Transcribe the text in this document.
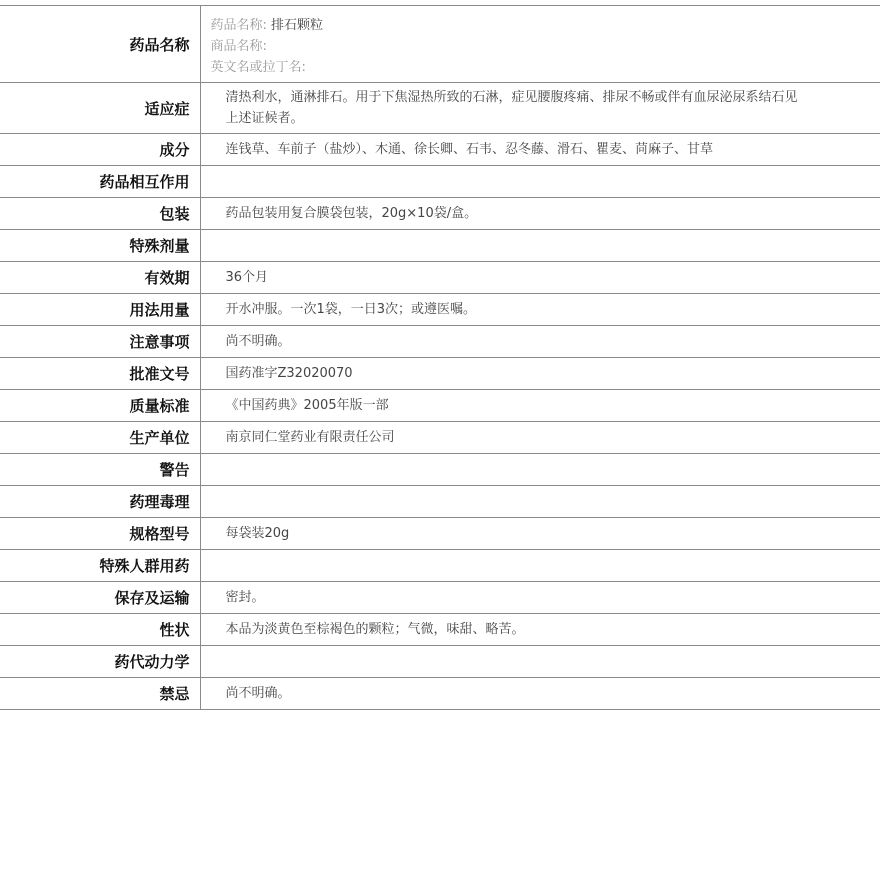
药品名称	药品名称: 排石颗粒
商品名称:
英文名或拉丁名:

适应症	清热利水，通淋排石。用于下焦湿热所致的石淋，症见腰腹疼痛、排尿不畅或伴有血尿泌尿系结石见上述证候者。
成分	连钱草、车前子（盐炒）、木通、徐长卿、石韦、忍冬藤、滑石、瞿麦、苘麻子、甘草
药品相互作用	
包装	药品包装用复合膜袋包装，20g×10袋/盒。
特殊剂量	
有效期	36个月
用法用量	开水冲服。一次1袋，一日3次；或遵医嘱。
注意事项	尚不明确。
批准文号	国药准字Z32020070
质量标准	《中国药典》2005年版一部
生产单位	南京同仁堂药业有限责任公司
警告	
药理毒理	
规格型号	每袋装20g
特殊人群用药	
保存及运输	密封。
性状	本品为淡黄色至棕褐色的颗粒；气微，味甜、略苦。
药代动力学	
禁忌	尚不明确。
